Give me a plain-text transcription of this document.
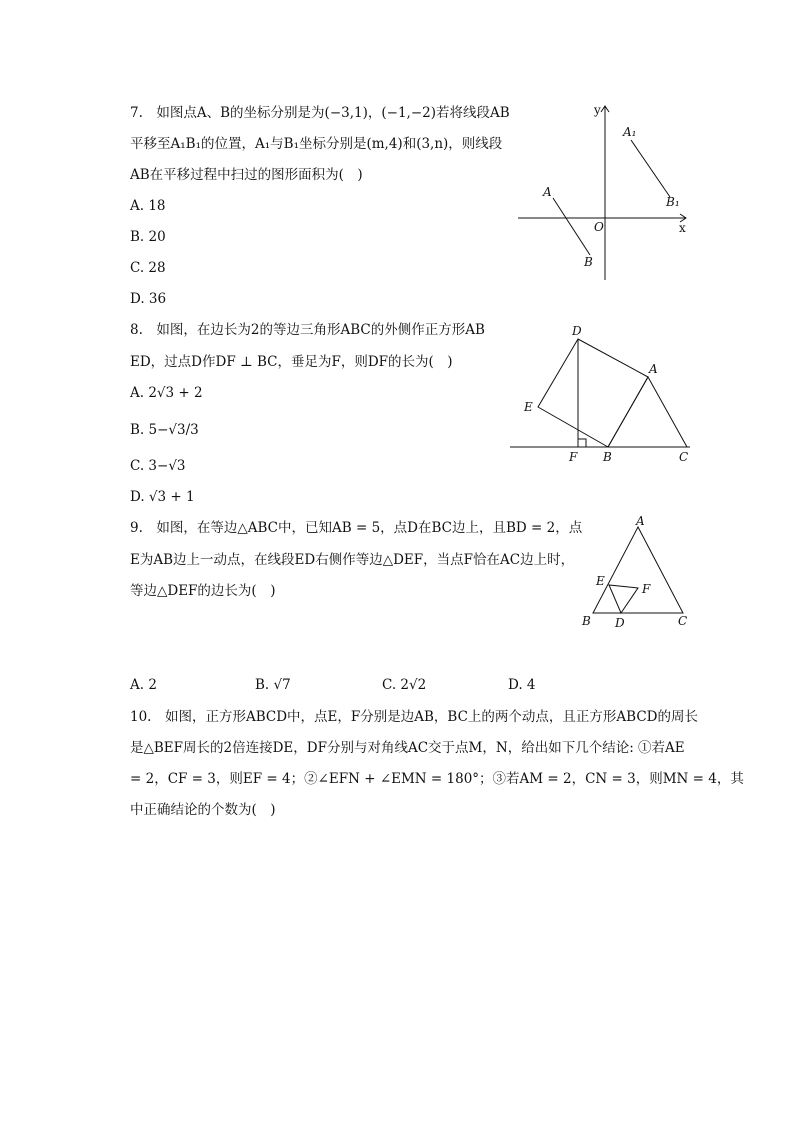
7.　如图点A、B的坐标分别是为(−3,1)，(−1,−2)若将线段AB
平移至A₁B₁的位置，A₁与B₁坐标分别是(m,4)和(3,n)，则线段
AB在平移过程中扫过的图形面积为(　)
A. 18
B. 20
C. 28
D. 36
y
x
O
A
B
A₁
B₁
8.　如图，在边长为2的等边三角形ABC的外侧作正方形AB
ED，过点D作DF ⊥ BC，垂足为F，则DF的长为(　)
A. 2√3 + 2
B. 5−√3/3
C. 3−√3
D. √3 + 1
D
A
E
F B	C
9.　如图，在等边△ABC中，已知AB = 5，点D在BC边上，且BD = 2，点
E为AB边上一动点，在线段ED右侧作等边△DEF，当点F恰在AC边上时，
等边△DEF的边长为(　)
A
E
F
B D	C
A. 2	B. √7	C. 2√2	D. 4
10.　如图，正方形ABCD中，点E，F分别是边AB，BC上的两个动点，且正方形ABCD的周长
是△BEF周长的2倍连接DE，DF分别与对角线AC交于点M，N，给出如下几个结论: ①若AE
= 2，CF = 3，则EF = 4；②∠EFN + ∠EMN = 180°；③若AM = 2，CN = 3，则MN = 4，其
中正确结论的个数为(　)
